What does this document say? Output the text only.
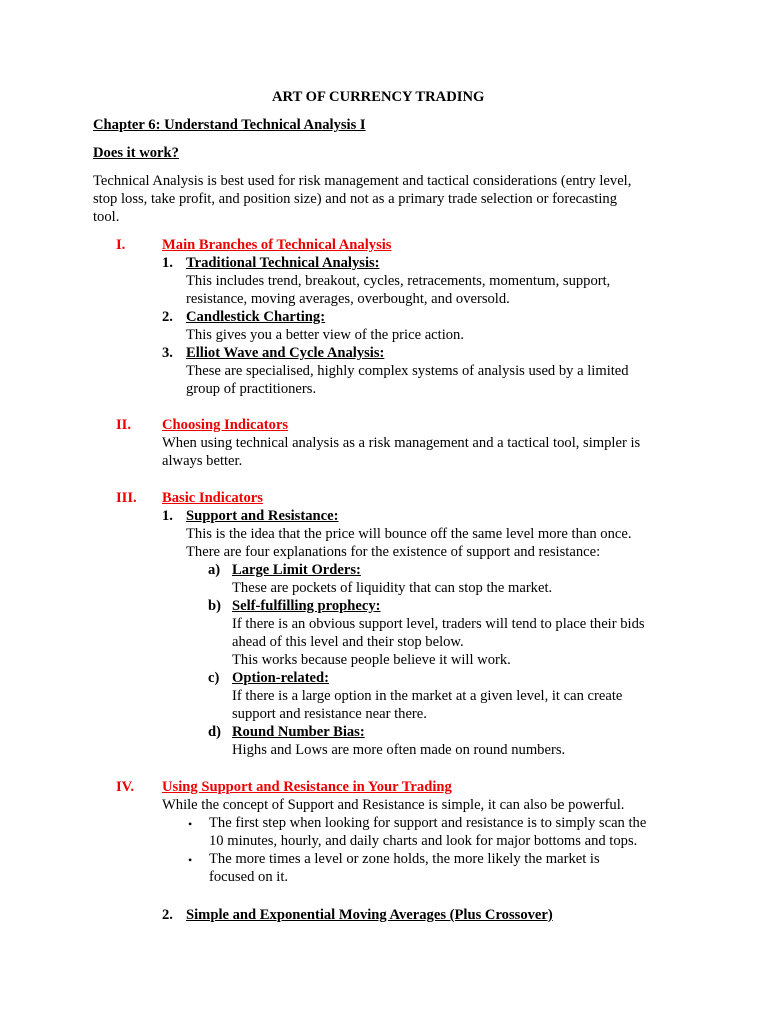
ART OF CURRENCY TRADING
Chapter 6: Understand Technical Analysis I
Does it work?
Technical Analysis is best used for risk management and tactical considerations (entry level,
stop loss, take profit, and position size) and not as a primary trade selection or forecasting
tool.
I.	Main Branches of Technical Analysis
1. Traditional Technical Analysis:
This includes trend, breakout, cycles, retracements, momentum, support,
resistance, moving averages, overbought, and oversold.
2. Candlestick Charting:
This gives you a better view of the price action.
3. Elliot Wave and Cycle Analysis:
These are specialised, highly complex systems of analysis used by a limited
group of practitioners.
II. Choosing Indicators
When using technical analysis as a risk management and a tactical tool, simpler is
always better.
III. Basic Indicators
1. Support and Resistance:
This is the idea that the price will bounce off the same level more than once.
There are four explanations for the existence of support and resistance:
a) Large Limit Orders:
These are pockets of liquidity that can stop the market.
b) Self-fulfilling prophecy:
If there is an obvious support level, traders will tend to place their bids
ahead of this level and their stop below.
This works because people believe it will work.
c) Option-related:
If there is a large option in the market at a given level, it can create
support and resistance near there.
d) Round Number Bias:
Highs and Lows are more often made on round numbers.
IV. Using Support and Resistance in Your Trading
While the concept of Support and Resistance is simple, it can also be powerful.
• The first step when looking for support and resistance is to simply scan the
10 minutes, hourly, and daily charts and look for major bottoms and tops.
• The more times a level or zone holds, the more likely the market is
focused on it.
2. Simple and Exponential Moving Averages (Plus Crossover)
